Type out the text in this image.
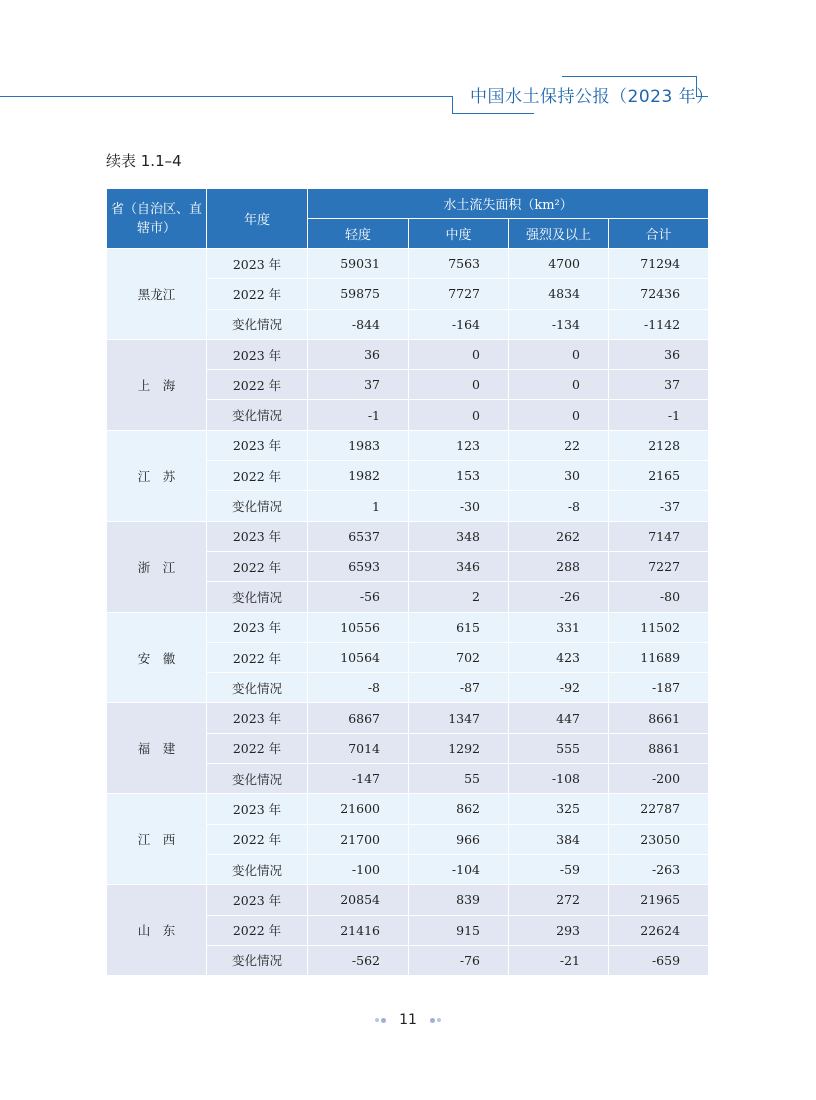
中国水土保持公报（2023 年）
续表 1.1–4
省（自治区、直辖市）	年度	水土流失面积（km²）			
		轻度	中度	强烈及以上	合计
黑龙江	2023 年	59031	7563	4700	71294
	2022 年	59875	7727	4834	72436
	变化情况	-844	-164	-134	-1142
上　海	2023 年	36	0	0	36
	2022 年	37	0	0	37
	变化情况	-1	0	0	-1
江　苏	2023 年	1983	123	22	2128
	2022 年	1982	153	30	2165
	变化情况	1	-30	-8	-37
浙　江	2023 年	6537	348	262	7147
	2022 年	6593	346	288	7227
	变化情况	-56	2	-26	-80
安　徽	2023 年	10556	615	331	11502
	2022 年	10564	702	423	11689
	变化情况	-8	-87	-92	-187
福　建	2023 年	6867	1347	447	8661
	2022 年	7014	1292	555	8861
	变化情况	-147	55	-108	-200
江　西	2023 年	21600	862	325	22787
	2022 年	21700	966	384	23050
	变化情况	-100	-104	-59	-263
山　东	2023 年	20854	839	272	21965
	2022 年	21416	915	293	22624
	变化情况	-562	-76	-21	-659
11
